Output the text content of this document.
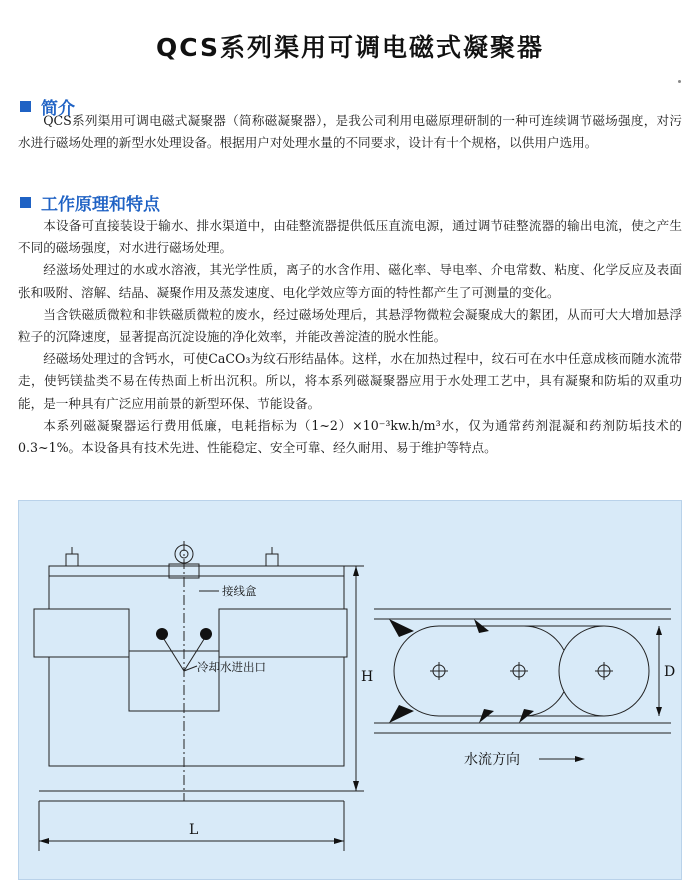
QCS系列渠用可调电磁式凝聚器
简介

QCS系列渠用可调电磁式凝聚器（简称磁凝聚器），是我公司利用电磁原理研制的一种可连续调节磁场强度，对污水进行磁场处理的新型水处理设备。根据用户对处理水量的不同要求，设计有十个规格，以供用户选用。

工作原理和特点

本设备可直接装设于输水、排水渠道中，由硅整流器提供低压直流电源，通过调节硅整流器的输出电流，使之产生不同的磁场强度，对水进行磁场处理。

经滋场处理过的水或水溶液，其光学性质，离子的水含作用、磁化率、导电率、介电常数、粘度、化学反应及表面张和吸附、溶解、结晶、凝聚作用及蒸发速度、电化学效应等方面的特性都产生了可测量的变化。

当含铁磁质微粒和非铁磁质微粒的废水，经过磁场处理后，其悬浮物微粒会凝聚成大的絮团，从而可大大增加悬浮粒子的沉降速度，显著提高沉淀设施的净化效率，并能改善淀渣的脱水性能。

经磁场处理过的含钙水，可使CaCO₃为纹石形结晶体。这样，水在加热过程中，纹石可在水中任意成核而随水流带走，使钙镁盐类不易在传热面上析出沉积。所以，将本系列磁凝聚器应用于水处理工艺中，具有凝聚和防垢的双重功能，是一种具有广泛应用前景的新型环保、节能设备。

本系列磁凝聚器运行费用低廉，电耗指标为（1~2）×10⁻³kw.h/m³水，仅为通常药剂混凝和药剂防垢技术的0.3~1%。本设备具有技术先进、性能稳定、安全可靠、经久耐用、易于维护等特点。

接线盒
冷却水进出口
H
L
D
水流方向
